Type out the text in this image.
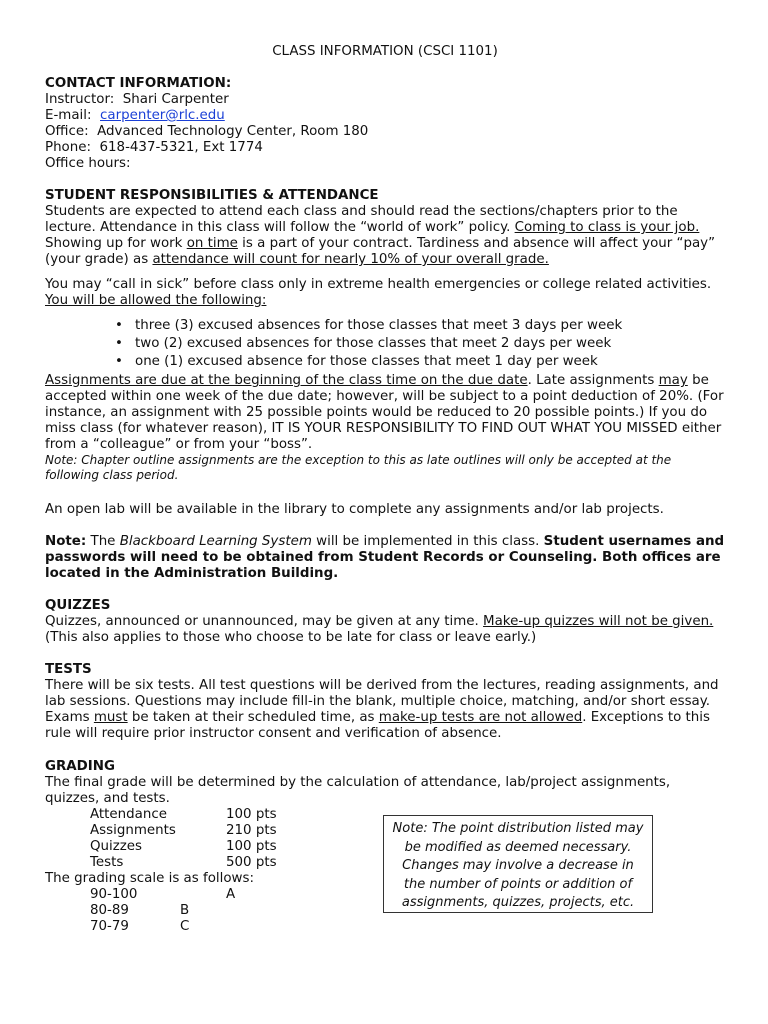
CLASS INFORMATION (CSCI 1101)
CONTACT INFORMATION:
Instructor: Shari Carpenter
E-mail: carpenter@rlc.edu
Office: Advanced Technology Center, Room 180
Phone: 618-437-5321, Ext 1774
Office hours:
STUDENT RESPONSIBILITIES & ATTENDANCE

Students are expected to attend each class and should read the sections/chapters prior to the lecture. Attendance in this class will follow the “world of work” policy. Coming to class is your job. Showing up for work on time is a part of your contract. Tardiness and absence will affect your “pay” (your grade) as attendance will count for nearly 10% of your overall grade.

You may “call in sick” before class only in extreme health emergencies or college related activities. You will be allowed the following:

• three (3) excused absences for those classes that meet 3 days per week
• two (2) excused absences for those classes that meet 2 days per week
• one (1) excused absence for those classes that meet 1 day per week

Assignments are due at the beginning of the class time on the due date. Late assignments may be accepted within one week of the due date; however, will be subject to a point deduction of 20%. (For instance, an assignment with 25 possible points would be reduced to 20 possible points.) If you do miss class (for whatever reason), IT IS YOUR RESPONSIBILITY TO FIND OUT WHAT YOU MISSED either from a “colleague” or from your “boss”.

Note: Chapter outline assignments are the exception to this as late outlines will only be accepted at the following class period.

An open lab will be available in the library to complete any assignments and/or lab projects.

Note: The Blackboard Learning System will be implemented in this class. Student usernames and passwords will need to be obtained from Student Records or Counseling. Both offices are located in the Administration Building.

QUIZZES

Quizzes, announced or unannounced, may be given at any time. Make-up quizzes will not be given. (This also applies to those who choose to be late for class or leave early.)

TESTS

There will be six tests. All test questions will be derived from the lectures, reading assignments, and lab sessions. Questions may include fill-in the blank, multiple choice, matching, and/or short essay. Exams must be taken at their scheduled time, as make-up tests are not allowed. Exceptions to this rule will require prior instructor consent and verification of absence.

GRADING

The final grade will be determined by the calculation of attendance, lab/project assignments, quizzes, and tests.

Attendance	100 pts
Assignments	210 pts
Quizzes	100 pts
Tests	500 pts
The grading scale is as follows:
90-100	A
80-89	B
70-79	C
Note: The point distribution listed may be modified as deemed necessary. Changes may involve a decrease in the number of points or addition of assignments, quizzes, projects, etc.
